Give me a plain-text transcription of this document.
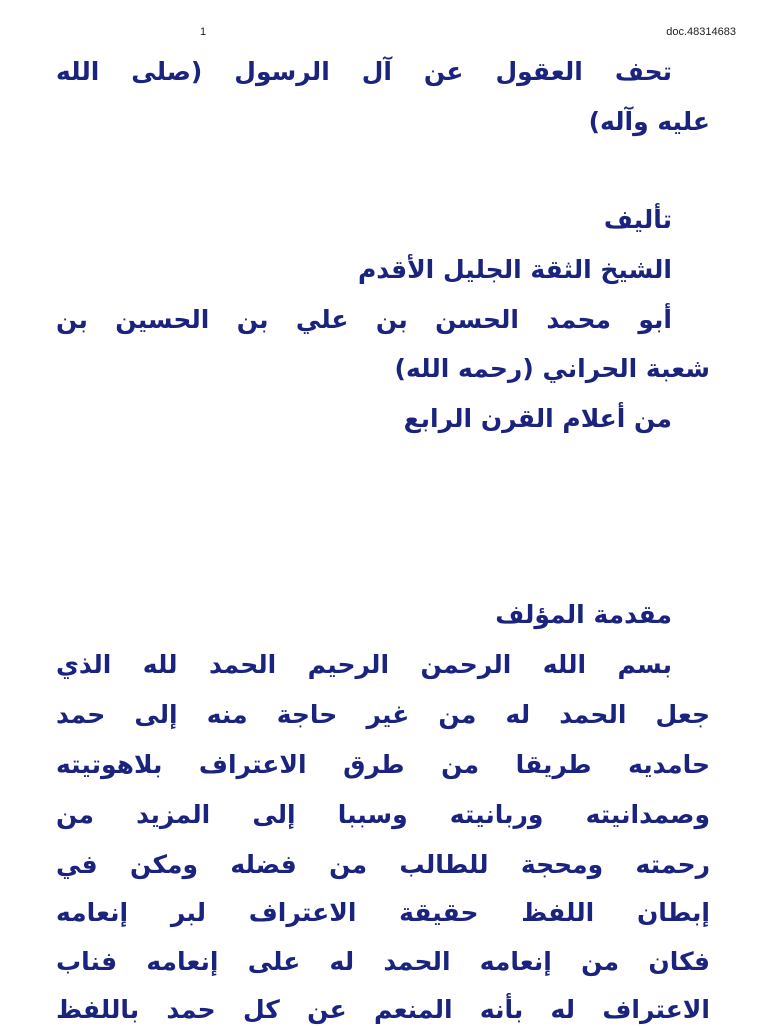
1	doc.48314683
تحف العقول عن آل الرسول (صلى الله
عليه وآله)
تأليف
الشيخ الثقة الجليل الأقدم
أبو محمد الحسن بن علي بن الحسين بن
شعبة الحراني (رحمه الله)
من أعلام القرن الرابع
مقدمة المؤلف
بسم الله الرحمن الرحيم الحمد لله الذي
جعل الحمد له من غير حاجة منه إلى حمد
حامديه طريقا من طرق الاعتراف بلاهوتيته
وصمدانيته وربانيته وسببا إلى المزيد من
رحمته ومحجة للطالب من فضله ومكن في
إبطان اللفظ حقيقة الاعتراف لبر إنعامه
فكان من إنعامه الحمد له على إنعامه فناب
الاعتراف له بأنه المنعم عن كل حمد باللفظ
